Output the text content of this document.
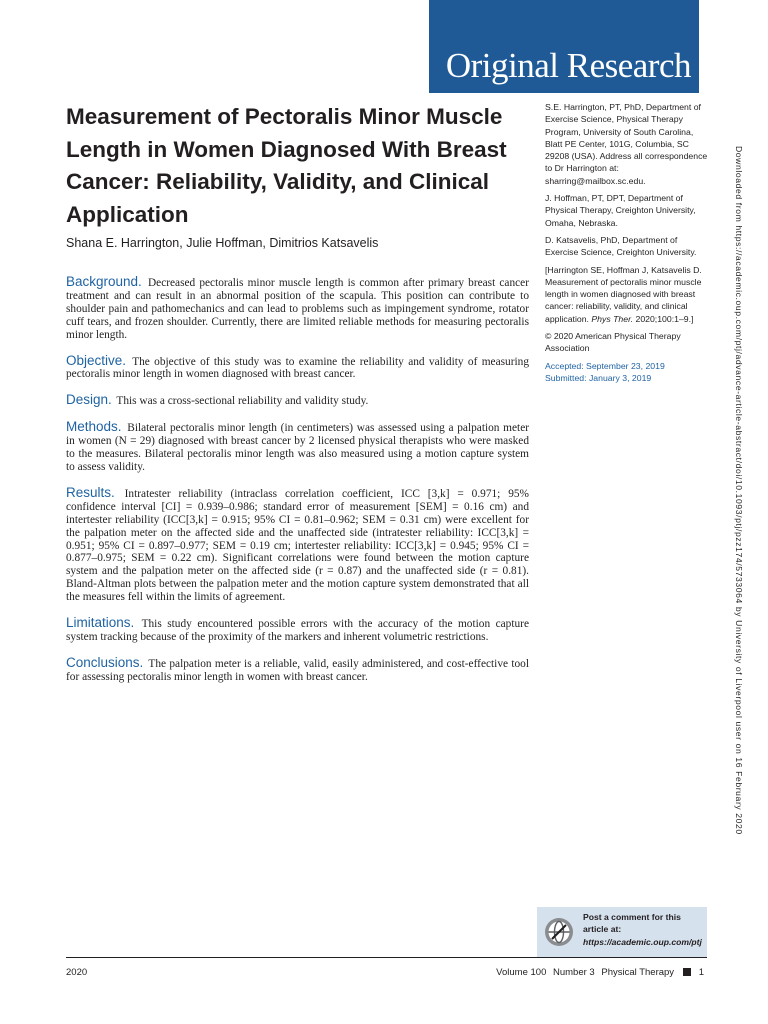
Original Research
Measurement of Pectoralis Minor Muscle Length in Women Diagnosed With Breast Cancer: Reliability, Validity, and Clinical Application
Shana E. Harrington, Julie Hoffman, Dimitrios Katsavelis

Background. Decreased pectoralis minor muscle length is common after primary breast cancer treatment and can result in an abnormal position of the scapula. This position can contribute to shoulder pain and pathomechanics and can lead to problems such as impingement syndrome, rotator cuff tears, and frozen shoulder. Currently, there are limited reliable methods for measuring pectoralis minor length.

Objective. The objective of this study was to examine the reliability and validity of measuring pectoralis minor length in women diagnosed with breast cancer.

Design. This was a cross-sectional reliability and validity study.

Methods. Bilateral pectoralis minor length (in centimeters) was assessed using a palpation meter in women (N = 29) diagnosed with breast cancer by 2 licensed physical therapists who were masked to the measures. Bilateral pectoralis minor length was also measured using a motion capture system to assess validity.

Results. Intratester reliability (intraclass correlation coefficient, ICC [3,k] = 0.971; 95% confidence interval [CI] = 0.939–0.986; standard error of measurement [SEM] = 0.16 cm) and intertester reliability (ICC[3,k] = 0.915; 95% CI = 0.81–0.962; SEM = 0.31 cm) were excellent for the palpation meter on the affected side and the unaffected side (intratester reliability: ICC[3,k] = 0.951; 95% CI = 0.897–0.977; SEM = 0.19 cm; intertester reliability: ICC[3,k] = 0.945; 95% CI = 0.877–0.975; SEM = 0.22 cm). Significant correlations were found between the motion capture system and the palpation meter on the affected side (r = 0.87) and the unaffected side (r = 0.81). Bland-Altman plots between the palpation meter and the motion capture system demonstrated that all the measures fell within the limits of agreement.

Limitations. This study encountered possible errors with the accuracy of the motion capture system tracking because of the proximity of the markers and inherent volumetric restrictions.

Conclusions. The palpation meter is a reliable, valid, easily administered, and cost-effective tool for assessing pectoralis minor length in women with breast cancer.

S.E. Harrington, PT, PhD, Department of Exercise Science, Physical Therapy Program, University of South Carolina, Blatt PE Center, 101G, Columbia, SC 29208 (USA). Address all correspondence to Dr Harrington at: sharring@mailbox.sc.edu.

J. Hoffman, PT, DPT, Department of Physical Therapy, Creighton University, Omaha, Nebraska.

D. Katsavelis, PhD, Department of Exercise Science, Creighton University.

[Harrington SE, Hoffman J, Katsavelis D. Measurement of pectoralis minor muscle length in women diagnosed with breast cancer: reliability, validity, and clinical application. Phys Ther. 2020;100:1–9.]

© 2020 American Physical Therapy Association

Accepted: September 23, 2019

Submitted: January 3, 2019	Downloaded from https://academic.oup.com/ptj/advance-article-abstract/doi/10.1093/ptj/pzz174/5733064 by University of Liverpool user on 16 February 2020
Post a comment for this
article at:
https://academic.oup.com/ptj
2020	Volume 100 Number 3 Physical Therapy	1
